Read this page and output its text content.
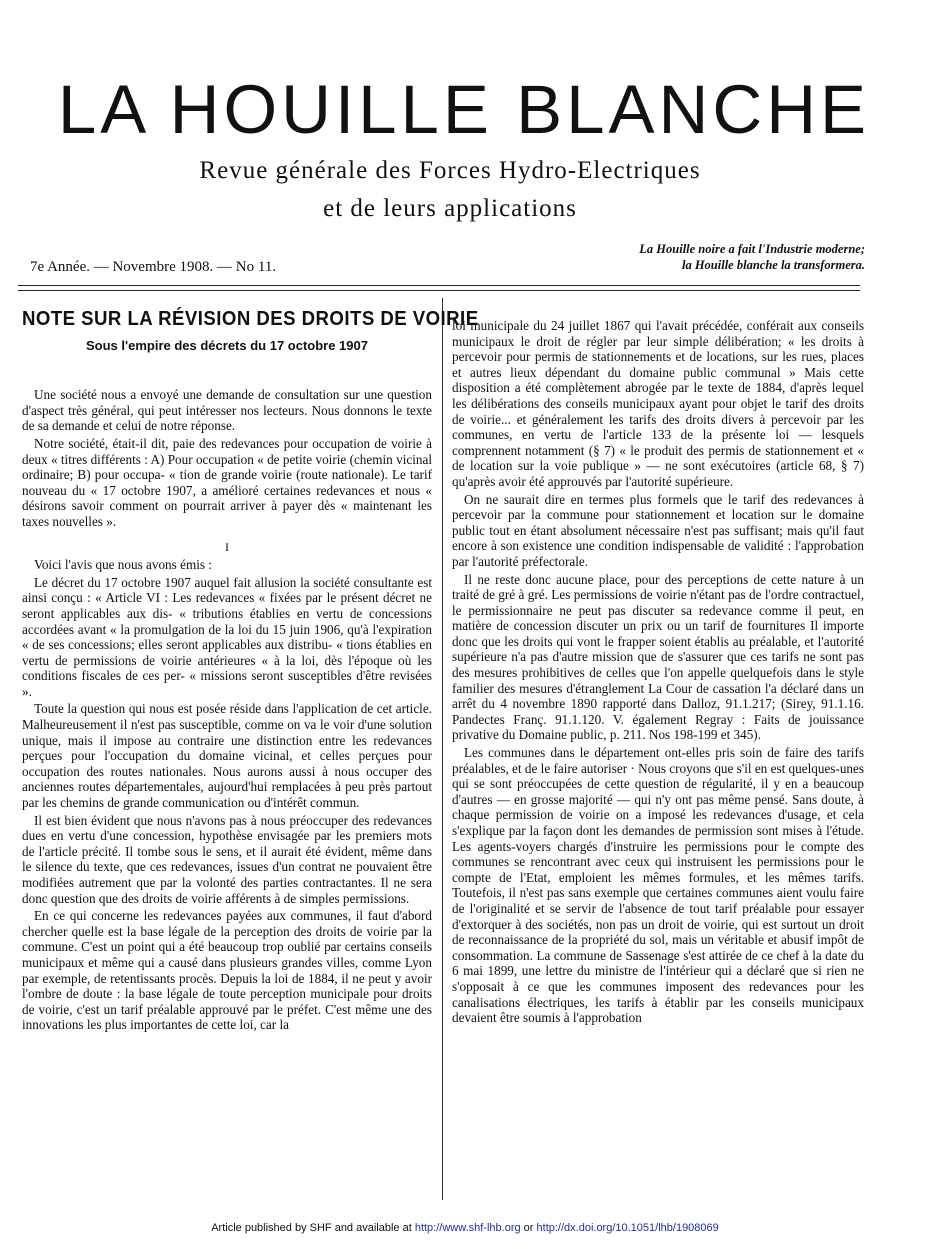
LA HOUILLE BLANCHE
Revue générale des Forces Hydro-Electriques
et de leurs applications
La Houille noire a fait l'Industrie moderne;
la Houille blanche la transformera.
7e Année. — Novembre 1908. — No 11.
NOTE SUR LA RÉVISION DES DROITS DE VOIRIE
Sous l'empire des décrets du 17 octobre 1907

Une société nous a envoyé une demande de consultation sur une question d'aspect très général, qui peut intéresser nos lecteurs. Nous donnons le texte de sa demande et celui de notre réponse.

Notre société, était-il dit, paie des redevances pour occupation de voirie à deux « titres différents : A) Pour occupation « de petite voirie (chemin vicinal ordinaire; B) pour occupa- « tion de grande voirie (route nationale). Le tarif nouveau du « 17 octobre 1907, a amélioré certaines redevances et nous « désirons savoir comment on pourrait arriver à payer dès « maintenant les taxes nouvelles ».

I

Voici l'avis que nous avons émis :

Le décret du 17 octobre 1907 auquel fait allusion la société consultante est ainsi conçu : « Article VI : Les redevances « fixées par le présent décret ne seront applicables aux dis- « tributions établies en vertu de concessions accordées avant « la promulgation de la loi du 15 juin 1906, qu'à l'expiration « de ses concessions; elles seront applicables aux distribu- « tions établies en vertu de permissions de voirie antérieures « à la loi, dès l'époque où les conditions fiscales de ces per- « missions seront susceptibles d'être revisées ».

Toute la question qui nous est posée réside dans l'application de cet article. Malheureusement il n'est pas susceptible, comme on va le voir d'une solution unique, mais il impose au contraire une distinction entre les redevances perçues pour l'occupation du domaine vicinal, et celles perçues pour occupation des routes nationales. Nous aurons aussi à nous occuper des anciennes routes départementales, aujourd'hui remplacées à peu près partout par les chemins de grande communication ou d'intérêt commun.

Il est bien évident que nous n'avons pas à nous préoccuper des redevances dues en vertu d'une concession, hypothèse envisagée par les premiers mots de l'article précité. Il tombe sous le sens, et il aurait été évident, même dans le silence du texte, que ces redevances, issues d'un contrat ne pouvaient être modifiées autrement que par la volonté des parties contractantes. Il ne sera donc question que des droits de voirie afférents à de simples permissions.

En ce qui concerne les redevances payées aux communes, il faut d'abord chercher quelle est la base légale de la perception des droits de voirie par la commune. C'est un point qui a été beaucoup trop oublié par certains conseils municipaux et même qui a causé dans plusieurs grandes villes, comme Lyon par exemple, de retentissants procès. Depuis la loi de 1884, il ne peut y avoir l'ombre de doute : la base légale de toute perception municipale pour droits de voirie, c'est un tarif préalable approuvé par le préfet. C'est même une des innovations les plus importantes de cette loi, car la

loi municipale du 24 juillet 1867 qui l'avait précédée, conférait aux conseils municipaux le droit de régler par leur simple délibération; « les droits à percevoir pour permis de stationnements et de locations, sur les rues, places et autres lieux dépendant du domaine public communal » Mais cette disposition a été complètement abrogée par le texte de 1884, d'après lequel les délibérations des conseils municipaux ayant pour objet le tarif des droits de voirie... et généralement les tarifs des droits divers à percevoir par les communes, en vertu de l'article 133 de la présente loi — lesquels comprennent notamment (§ 7) « le produit des permis de stationnement et « de location sur la voie publique » — ne sont exécutoires (article 68, § 7) qu'après avoir été approuvés par l'autorité supérieure.

On ne saurait dire en termes plus formels que le tarif des redevances à percevoir par la commune pour stationnement et location sur le domaine public tout en étant absolument nécessaire n'est pas suffisant; mais qu'il faut encore à son existence une condition indispensable de validité : l'approbation par l'autorité préfectorale.

Il ne reste donc aucune place, pour des perceptions de cette nature à un traité de gré à gré. Les permissions de voirie n'étant pas de l'ordre contractuel, le permissionnaire ne peut pas discuter sa redevance comme il peut, en matière de concession discuter un prix ou un tarif de fournitures Il importe donc que les droits qui vont le frapper soient établis au préalable, et l'autorité supérieure n'a pas d'autre mission que de s'assurer que ces tarifs ne sont pas des mesures prohibitives de celles que l'on appelle quelquefois dans le style familier des mesures d'étranglement La Cour de cassation l'a déclaré dans un arrêt du 4 novembre 1890 rapporté dans Dalloz, 91.1.217; (Sirey, 91.1.16. Pandectes Franç. 91.1.120. V. également Regray : Faits de jouissance privative du Domaine public, p. 211. Nos 198-199 et 345).

Les communes dans le département ont-elles pris soin de faire des tarifs préalables, et de le faire autoriser · Nous croyons que s'il en est quelques-unes qui se sont préoccupées de cette question de régularité, il y en a beaucoup d'autres — en grosse majorité — qui n'y ont pas même pensé. Sans doute, à chaque permission de voirie on a imposé les redevances d'usage, et cela s'explique par la façon dont les demandes de permission sont mises à l'étude. Les agents-voyers chargés d'instruire les permissions pour le compte des communes se rencontrant avec ceux qui instruisent les permissions pour le compte de l'Etat, emploient les mêmes formules, et les mêmes tarifs. Toutefois, il n'est pas sans exemple que certaines communes aient voulu faire de l'originalité et se servir de l'absence de tout tarif préalable pour essayer d'extorquer à des sociétés, non pas un droit de voirie, qui est surtout un droit de reconnaissance de la propriété du sol, mais un véritable et abusif impôt de consommation. La commune de Sassenage s'est attirée de ce chef à la date du 6 mai 1899, une lettre du ministre de l'intérieur qui a déclaré que si rien ne s'opposait à ce que les communes imposent des redevances pour les canalisations électriques, les tarifs à établir par les conseils municipaux devaient être soumis à l'approbation

Article published by SHF and available at http://www.shf-lhb.org or http://dx.doi.org/10.1051/lhb/1908069
